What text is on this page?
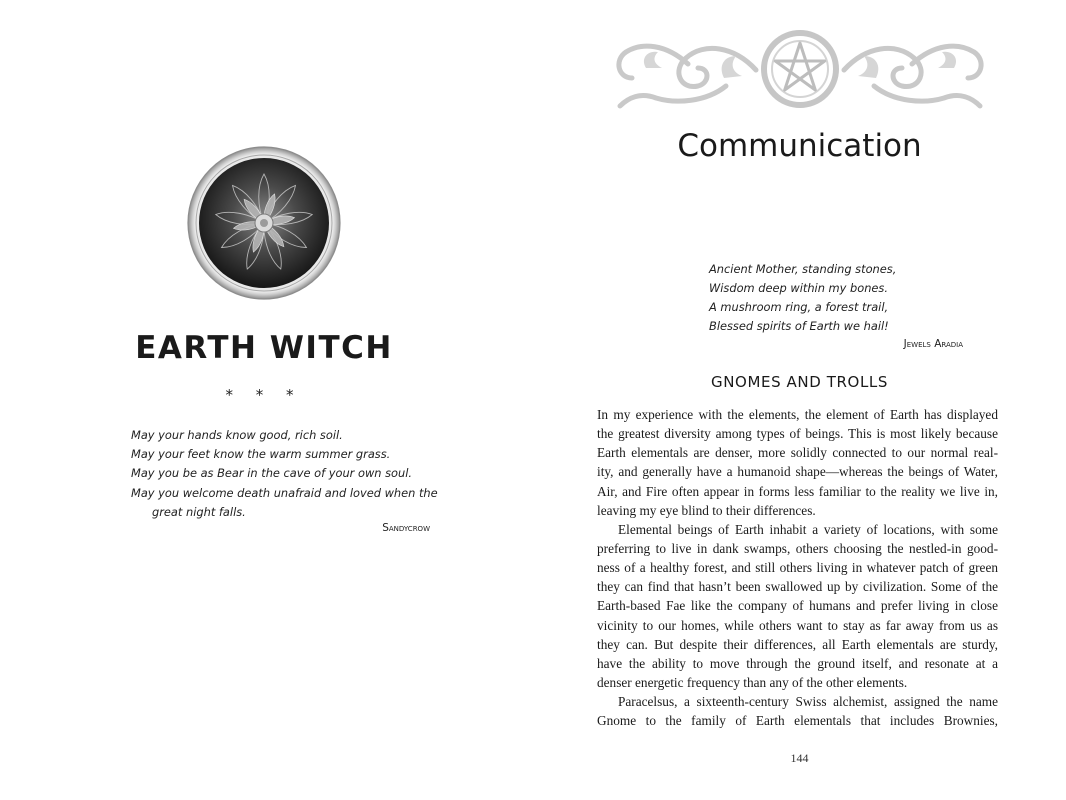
EARTH WITCH
* * *
May your hands know good, rich soil.
May your feet know the warm summer grass.
May you be as Bear in the cave of your own soul.
May you welcome death unafraid and loved when the
great night falls.
Sandycrow
Communication
Ancient Mother, standing stones,
Wisdom deep within my bones.
A mushroom ring, a forest trail,
Blessed spirits of Earth we hail!
Jewels Aradia
GNOMES AND TROLLS
In my experience with the elements, the element of Earth has displayed
the greatest diversity among types of beings. This is most likely because
Earth elementals are denser, more solidly connected to our normal real-
ity, and generally have a humanoid shape—whereas the beings of Water,
Air, and Fire often appear in forms less familiar to the reality we live in,
leaving my eye blind to their differences.
Elemental beings of Earth inhabit a variety of locations, with some
preferring to live in dank swamps, others choosing the nestled-in good-
ness of a healthy forest, and still others living in whatever patch of green
they can find that hasn’t been swallowed up by civilization. Some of the
Earth-based Fae like the company of humans and prefer living in close
vicinity to our homes, while others want to stay as far away from us as
they can. But despite their differences, all Earth elementals are sturdy,
have the ability to move through the ground itself, and resonate at a
denser energetic frequency than any of the other elements.
Paracelsus, a sixteenth-century Swiss alchemist, assigned the name
Gnome to the family of Earth elementals that includes Brownies,
144
